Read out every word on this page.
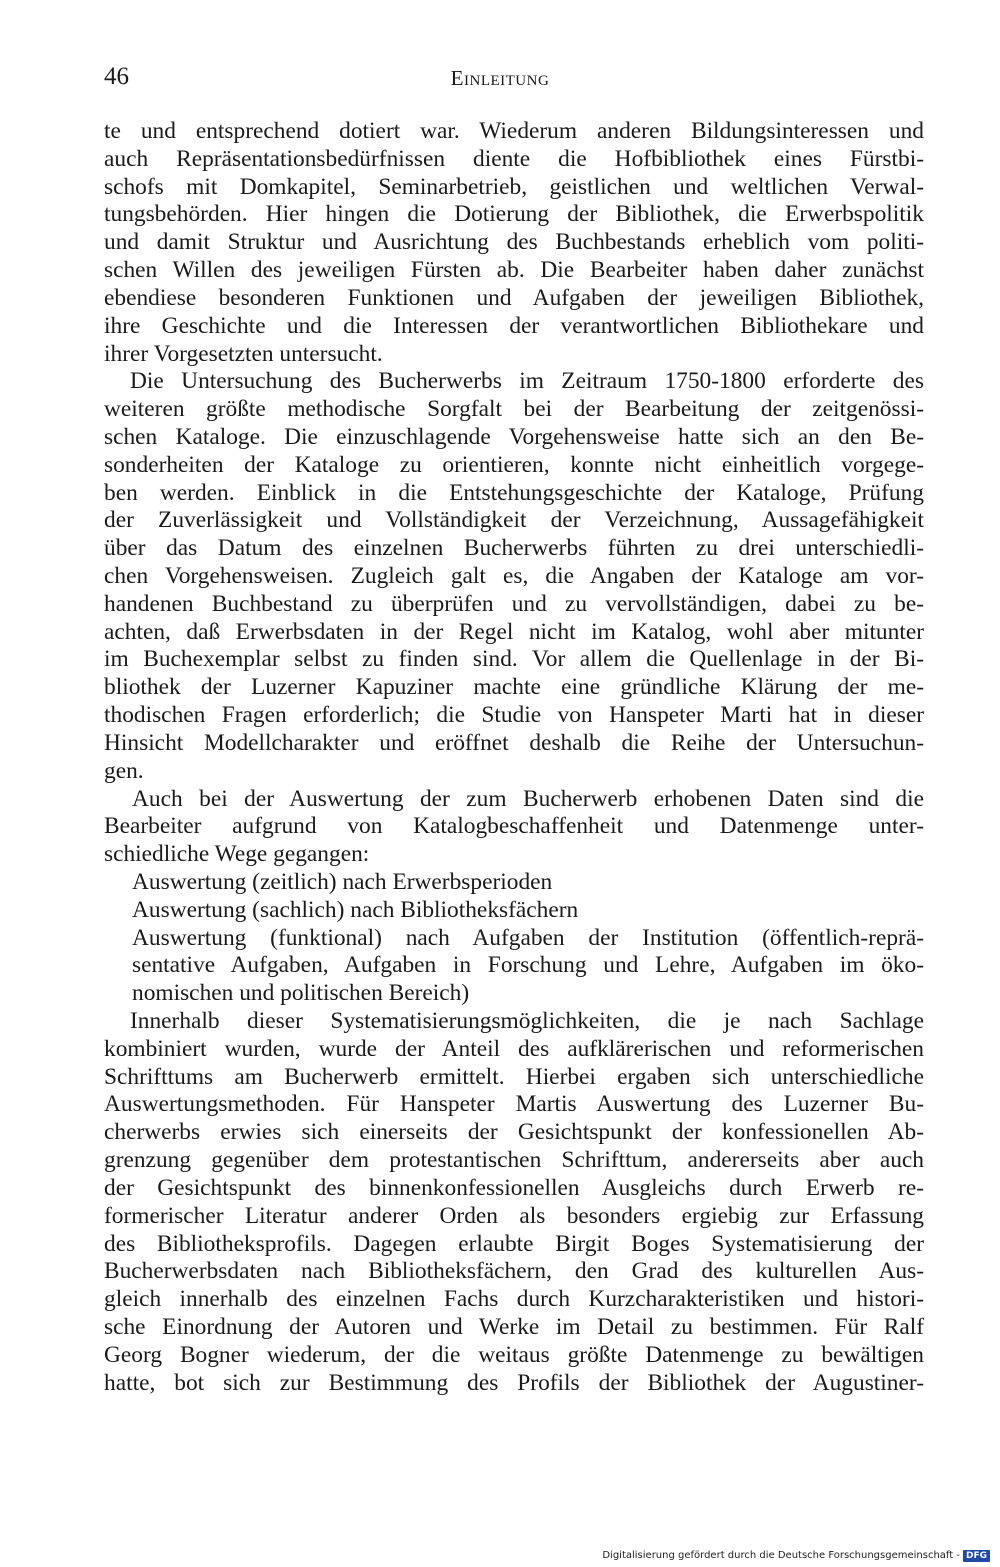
46	Einleitung
te und entsprechend dotiert war. Wiederum anderen Bildungsinteressen und
auch Repräsentationsbedürfnissen diente die Hofbibliothek eines Fürstbi-
schofs mit Domkapitel, Seminarbetrieb, geistlichen und weltlichen Verwal-
tungsbehörden. Hier hingen die Dotierung der Bibliothek, die Erwerbspolitik
und damit Struktur und Ausrichtung des Buchbestands erheblich vom politi-
schen Willen des jeweiligen Fürsten ab. Die Bearbeiter haben daher zunächst
ebendiese besonderen Funktionen und Aufgaben der jeweiligen Bibliothek,
ihre Geschichte und die Interessen der verantwortlichen Bibliothekare und
ihrer Vorgesetzten untersucht.
Die Untersuchung des Bucherwerbs im Zeitraum 1750-1800 erforderte des
weiteren größte methodische Sorgfalt bei der Bearbeitung der zeitgenössi-
schen Kataloge. Die einzuschlagende Vorgehensweise hatte sich an den Be-
sonderheiten der Kataloge zu orientieren, konnte nicht einheitlich vorgege-
ben werden. Einblick in die Entstehungsgeschichte der Kataloge, Prüfung
der Zuverlässigkeit und Vollständigkeit der Verzeichnung, Aussagefähigkeit
über das Datum des einzelnen Bucherwerbs führten zu drei unterschiedli-
chen Vorgehensweisen. Zugleich galt es, die Angaben der Kataloge am vor-
handenen Buchbestand zu überprüfen und zu vervollständigen, dabei zu be-
achten, daß Erwerbsdaten in der Regel nicht im Katalog, wohl aber mitunter
im Buchexemplar selbst zu finden sind. Vor allem die Quellenlage in der Bi-
bliothek der Luzerner Kapuziner machte eine gründliche Klärung der me-
thodischen Fragen erforderlich; die Studie von Hanspeter Marti hat in dieser
Hinsicht Modellcharakter und eröffnet deshalb die Reihe der Untersuchun-
gen.
Auch bei der Auswertung der zum Bucherwerb erhobenen Daten sind die
Bearbeiter aufgrund von Katalogbeschaffenheit und Datenmenge unter-
schiedliche Wege gegangen:
Auswertung (zeitlich) nach Erwerbsperioden
Auswertung (sachlich) nach Bibliotheksfächern
Auswertung (funktional) nach Aufgaben der Institution (öffentlich-reprä-
sentative Aufgaben, Aufgaben in Forschung und Lehre, Aufgaben im öko-
nomischen und politischen Bereich)
Innerhalb dieser Systematisierungsmöglichkeiten, die je nach Sachlage
kombiniert wurden, wurde der Anteil des aufklärerischen und reformerischen
Schrifttums am Bucherwerb ermittelt. Hierbei ergaben sich unterschiedliche
Auswertungsmethoden. Für Hanspeter Martis Auswertung des Luzerner Bu-
cherwerbs erwies sich einerseits der Gesichtspunkt der konfessionellen Ab-
grenzung gegenüber dem protestantischen Schrifttum, andererseits aber auch
der Gesichtspunkt des binnenkonfessionellen Ausgleichs durch Erwerb re-
formerischer Literatur anderer Orden als besonders ergiebig zur Erfassung
des Bibliotheksprofils. Dagegen erlaubte Birgit Boges Systematisierung der
Bucherwerbsdaten nach Bibliotheksfächern, den Grad des kulturellen Aus-
gleich innerhalb des einzelnen Fachs durch Kurzcharakteristiken und histori-
sche Einordnung der Autoren und Werke im Detail zu bestimmen. Für Ralf
Georg Bogner wiederum, der die weitaus größte Datenmenge zu bewältigen
hatte, bot sich zur Bestimmung des Profils der Bibliothek der Augustiner-
Digitalisierung gefördert durch die Deutsche Forschungsgemeinschaft - DFG
